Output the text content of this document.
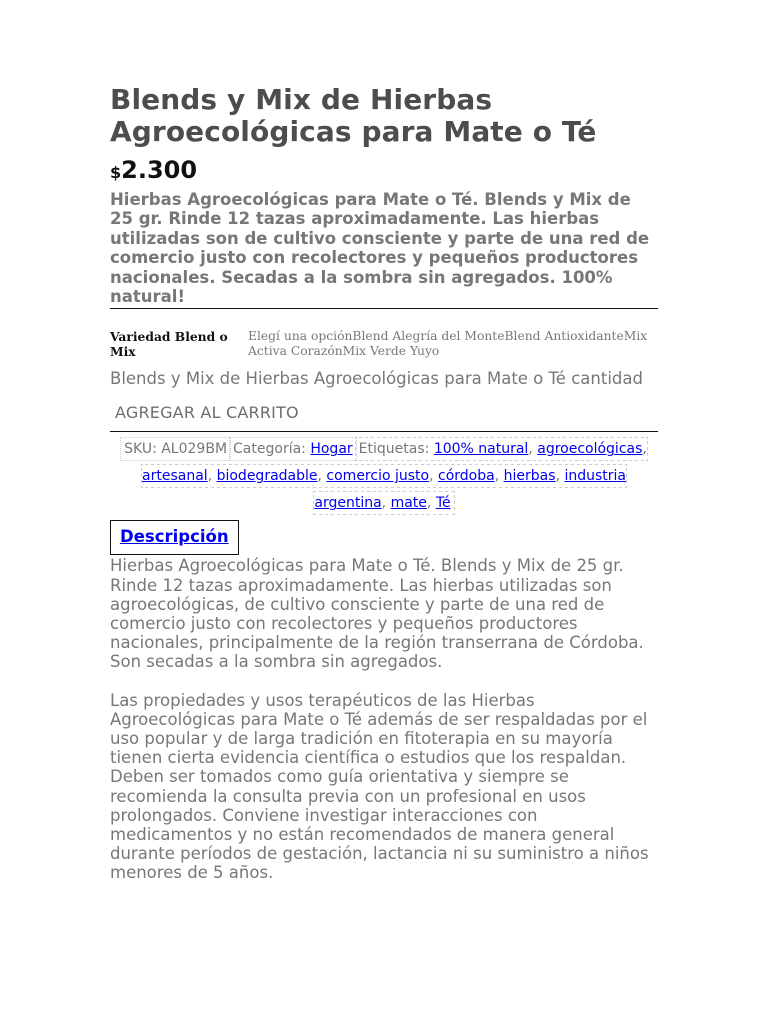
Blends y Mix de Hierbas Agroecológicas para Mate o Té
$2.300
Hierbas Agroecológicas para Mate o Té. Blends y Mix de 25 gr. Rinde 12 tazas aproximadamente. Las hierbas utilizadas son de cultivo consciente y parte de una red de comercio justo con recolectores y pequeños productores nacionales. Secadas a la sombra sin agregados. 100% natural!
Variedad Blend o Mix
Elegí una opciónBlend Alegría del MonteBlend AntioxidanteMix Activa CorazónMix Verde Yuyo
Blends y Mix de Hierbas Agroecológicas para Mate o Té cantidad
AGREGAR AL CARRITO
SKU: AL029BM Categoría: Hogar Etiquetas: 100% natural, agroecológicas, artesanal, biodegradable, comercio justo, córdoba, hierbas, industria argentina, mate, Té
Descripción

Hierbas Agroecológicas para Mate o Té. Blends y Mix de 25 gr. Rinde 12 tazas aproximadamente. Las hierbas utilizadas son agroecológicas, de cultivo consciente y parte de una red de comercio justo con recolectores y pequeños productores nacionales, principalmente de la región transerrana de Córdoba. Son secadas a la sombra sin agregados.

Las propiedades y usos terapéuticos de las Hierbas Agroecológicas para Mate o Té además de ser respaldadas por el uso popular y de larga tradición en fitoterapia en su mayoría tienen cierta evidencia científica o estudios que los respaldan. Deben ser tomados como guía orientativa y siempre se recomienda la consulta previa con un profesional en usos prolongados. Conviene investigar interacciones con medicamentos y no están recomendados de manera general durante períodos de gestación, lactancia ni su suministro a niños menores de 5 años.
